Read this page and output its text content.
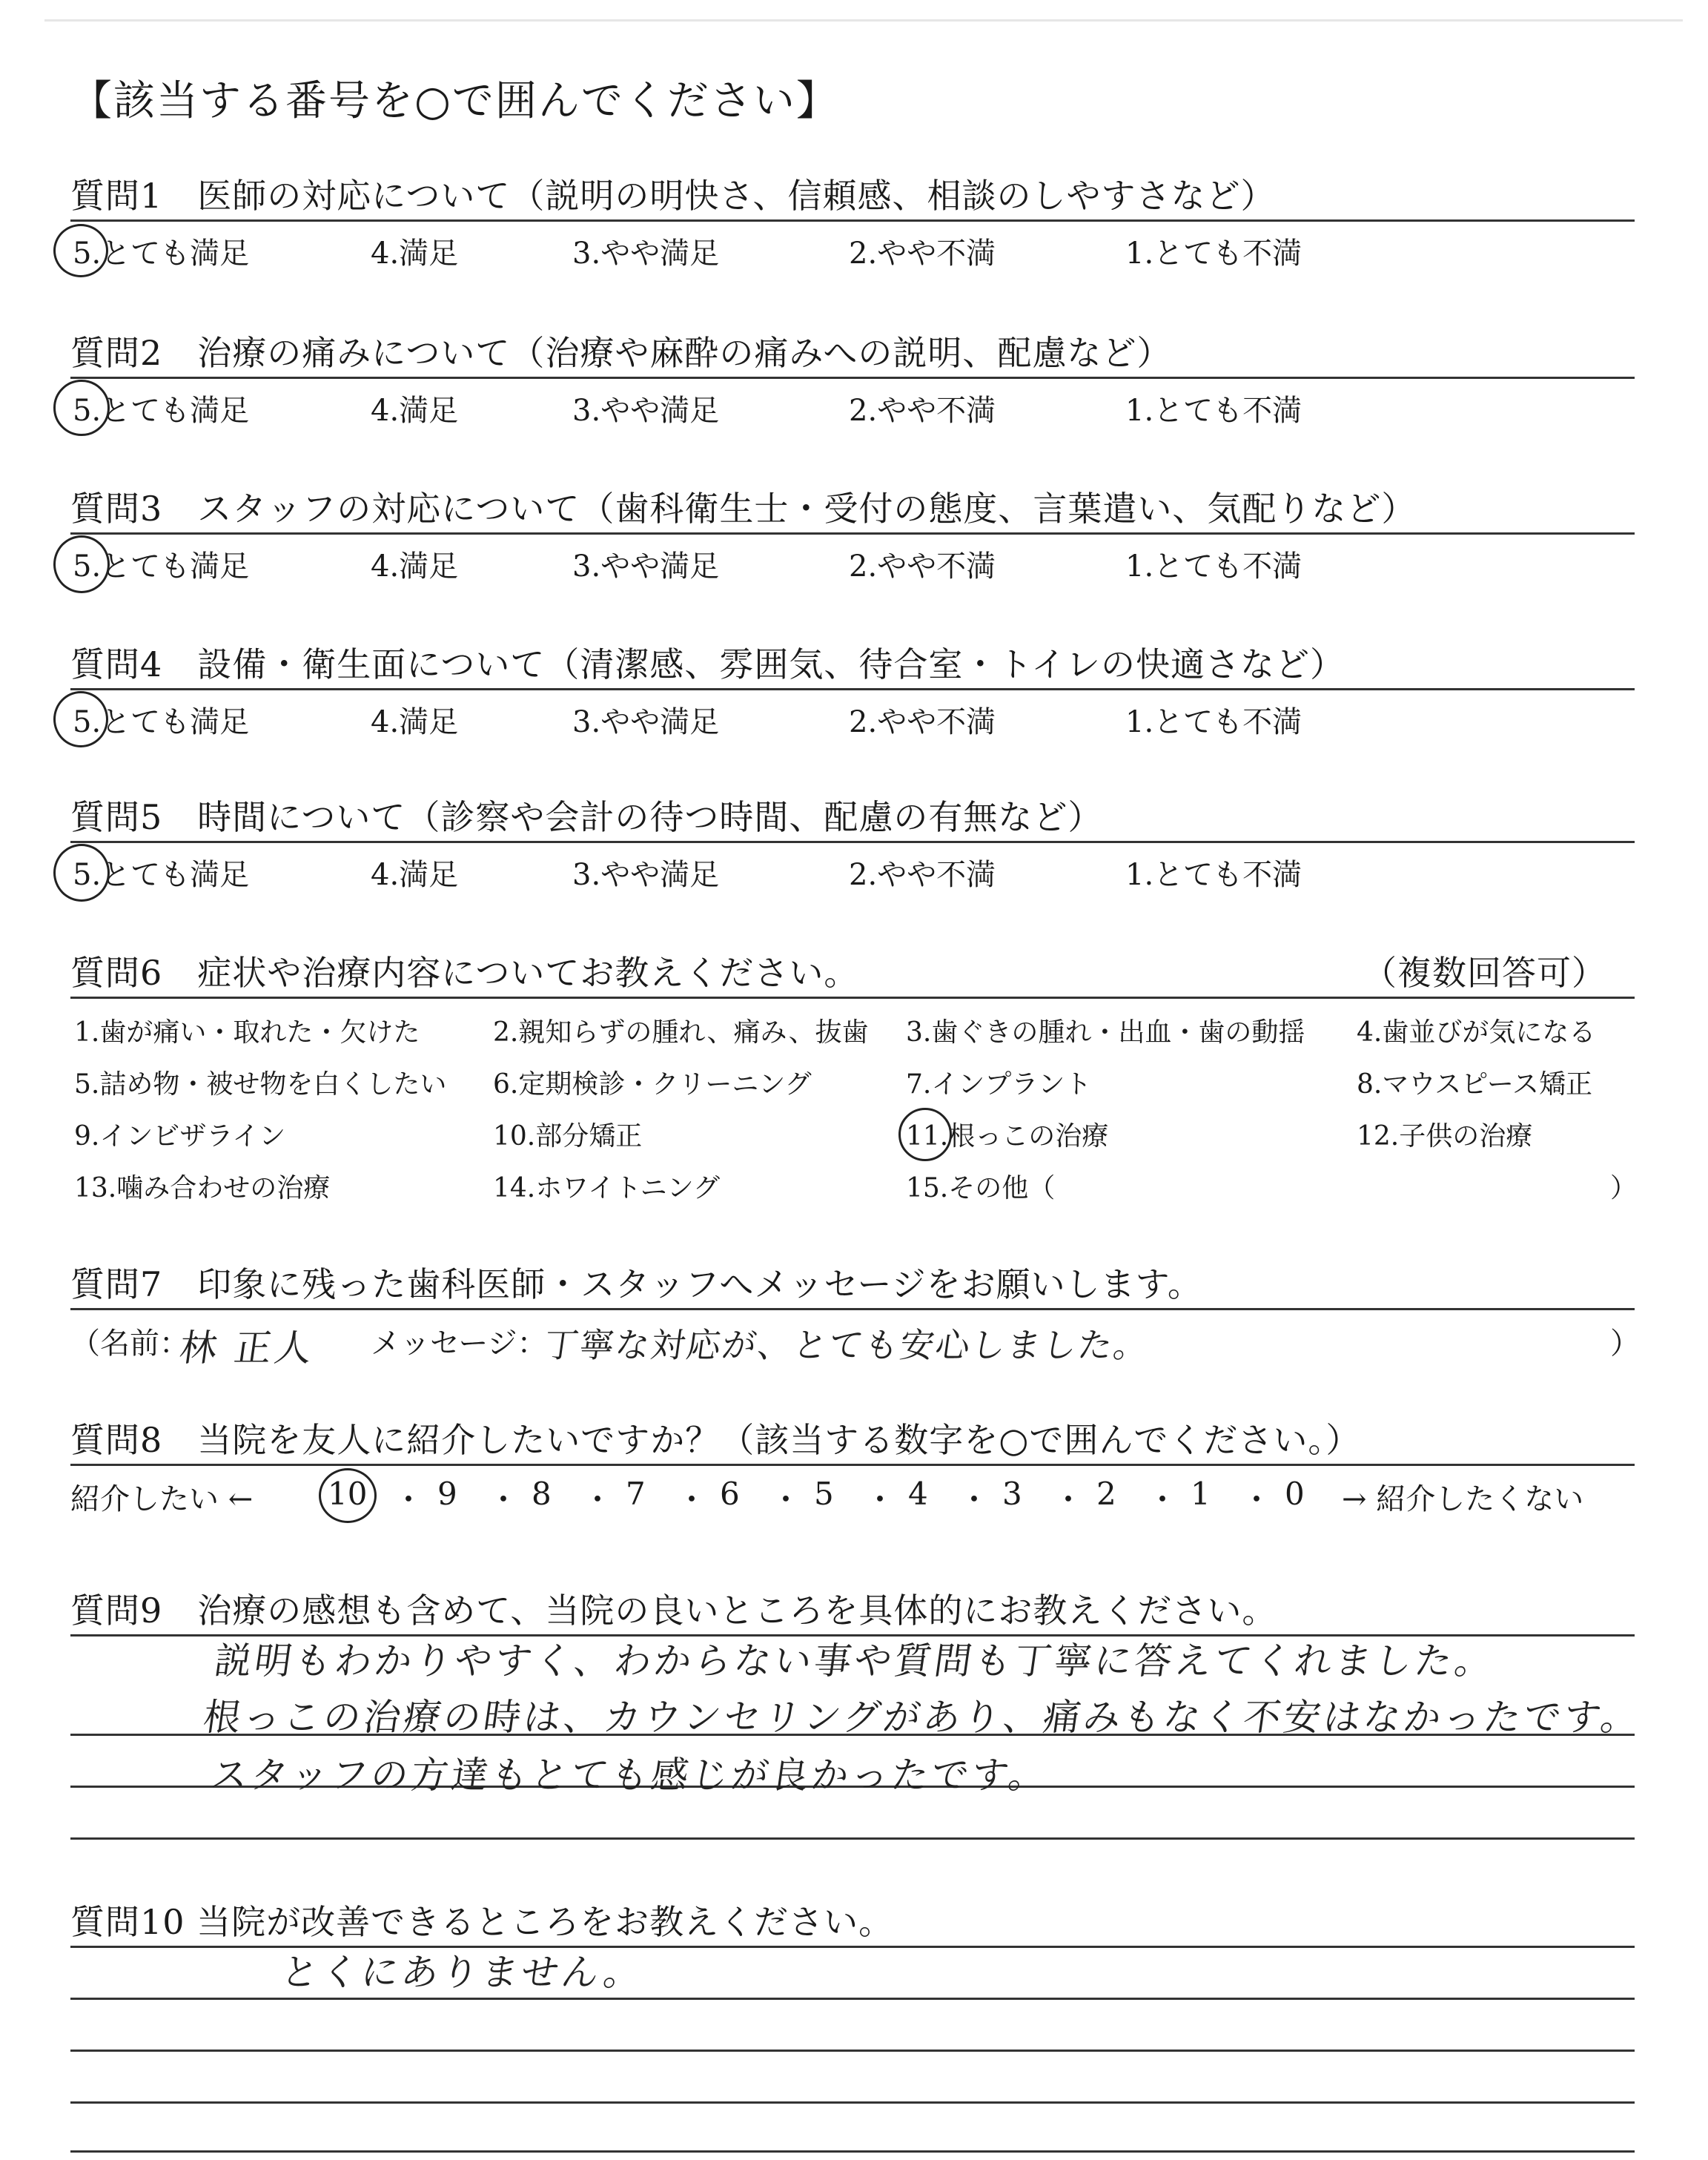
【該当する番号を○で囲んでください】
質問1　医師の対応について（説明の明快さ、信頼感、相談のしやすさなど）
5.とても満足	4.満足	3.やや満足	2.やや不満	1.とても不満
質問2　治療の痛みについて（治療や麻酔の痛みへの説明、配慮など）
5.とても満足	4.満足	3.やや満足	2.やや不満	1.とても不満
質問3　スタッフの対応について（歯科衛生士・受付の態度、言葉遣い、気配りなど）
5.とても満足	4.満足	3.やや満足	2.やや不満	1.とても不満
質問4　設備・衛生面について（清潔感、雰囲気、待合室・トイレの快適さなど）
5.とても満足	4.満足	3.やや満足	2.やや不満	1.とても不満
質問5　時間について（診察や会計の待つ時間、配慮の有無など）
5.とても満足	4.満足	3.やや満足	2.やや不満	1.とても不満
質問6　症状や治療内容についてお教えください。	（複数回答可）
1.歯が痛い・取れた・欠けた	2.親知らずの腫れ、痛み、抜歯 3.歯ぐきの腫れ・出血・歯の動揺 4.歯並びが気になる
5.詰め物・被せ物を白くしたい 6.定期検診・クリーニング	7.インプラント	8.マウスピース矯正
9.インビザライン	10.部分矯正	11.根っこの治療	12.子供の治療
13.噛み合わせの治療	14.ホワイトニング	15.その他（	）
質問7　印象に残った歯科医師・スタッフへメッセージをお願いします。
（名前：
林 正人 メッセージ：
丁寧な対応が、とても安心しました。	）
質問8　当院を友人に紹介したいですか？（該当する数字を○で囲んでください。）
紹介したい ← 10 ・ 9 ・ 8 ・ 7 ・ 6 ・ 5 ・ 4 ・ 3 ・ 2 ・ 1 ・ 0 → 紹介したくない
質問9　治療の感想も含めて、当院の良いところを具体的にお教えください。
説明もわかりやすく、わからない事や質問も丁寧に答えてくれました。
根っこの治療の時は、カウンセリングがあり、痛みもなく不安はなかったです。
スタッフの方達もとても感じが良かったです。
質問10 当院が改善できるところをお教えください。
とくにありません。
